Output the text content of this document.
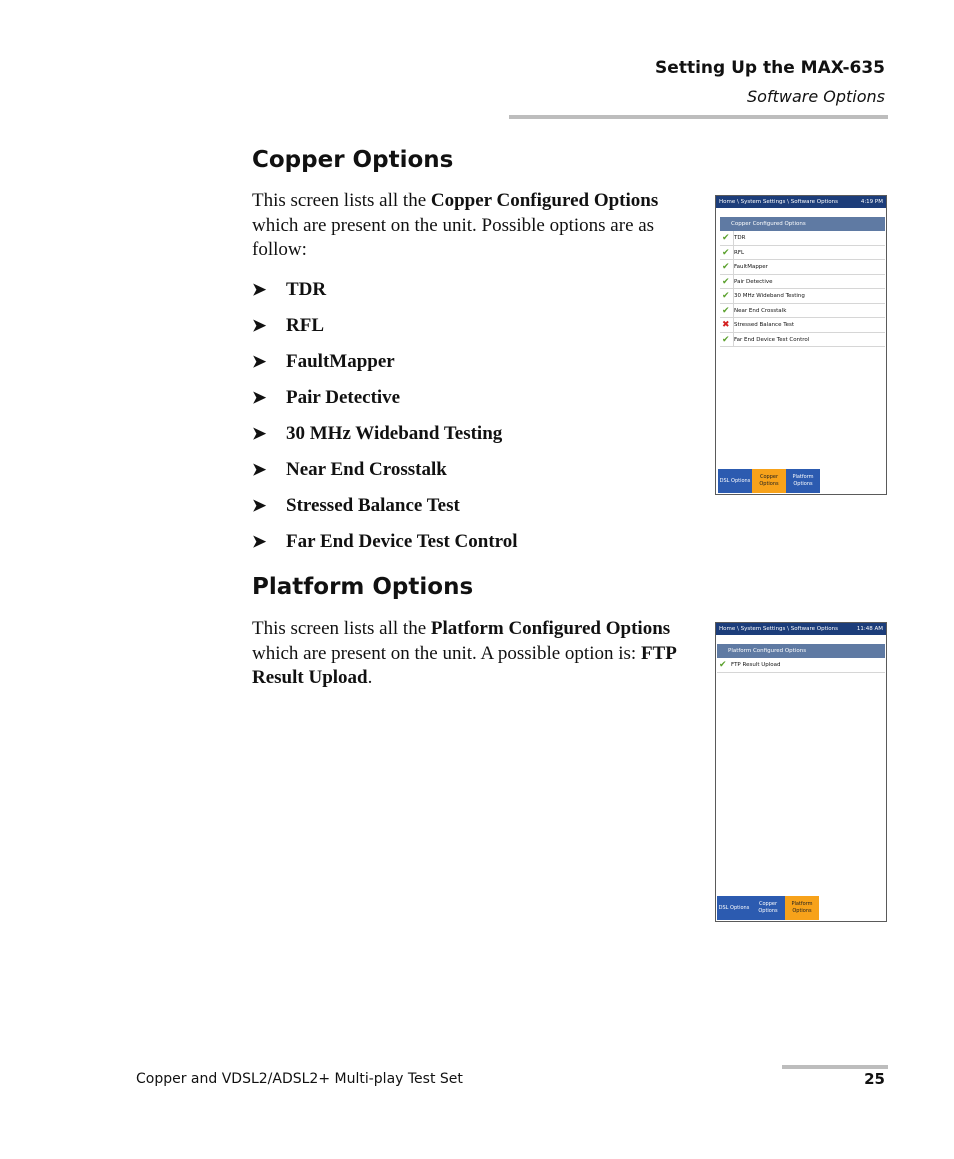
Setting Up the MAX-635
Software Options
Copper Options

This screen lists all the Copper Configured Options which are present on the unit. Possible options are as follow:

➤	TDR
➤	RFL
➤	FaultMapper
➤	Pair Detective
➤	30 MHz Wideband Testing
➤	Near End Crosstalk
➤	Stressed Balance Test
➤	Far End Device Test Control
Home \ System Settings \ Software Options	4:19 PM
Copper Configured Options
✔ TDR
✔ RFL
✔ FaultMapper
✔ Pair Detective
✔ 30 MHz Wideband Testing
✔ Near End Crosstalk
✖ Stressed Balance Test
✔ Far End Device Test Control
DSL Options
Copper Options
Platform Options
Platform Options

This screen lists all the Platform Configured Options which are present on the unit. A possible option is: FTP Result Upload.

Home \ System Settings \ Software Options	11:48 AM
Platform Configured Options
✔ FTP Result Upload
DSL Options
Copper Options
Platform Options
Copper and VDSL2/ADSL2+ Multi-play Test Set	25
